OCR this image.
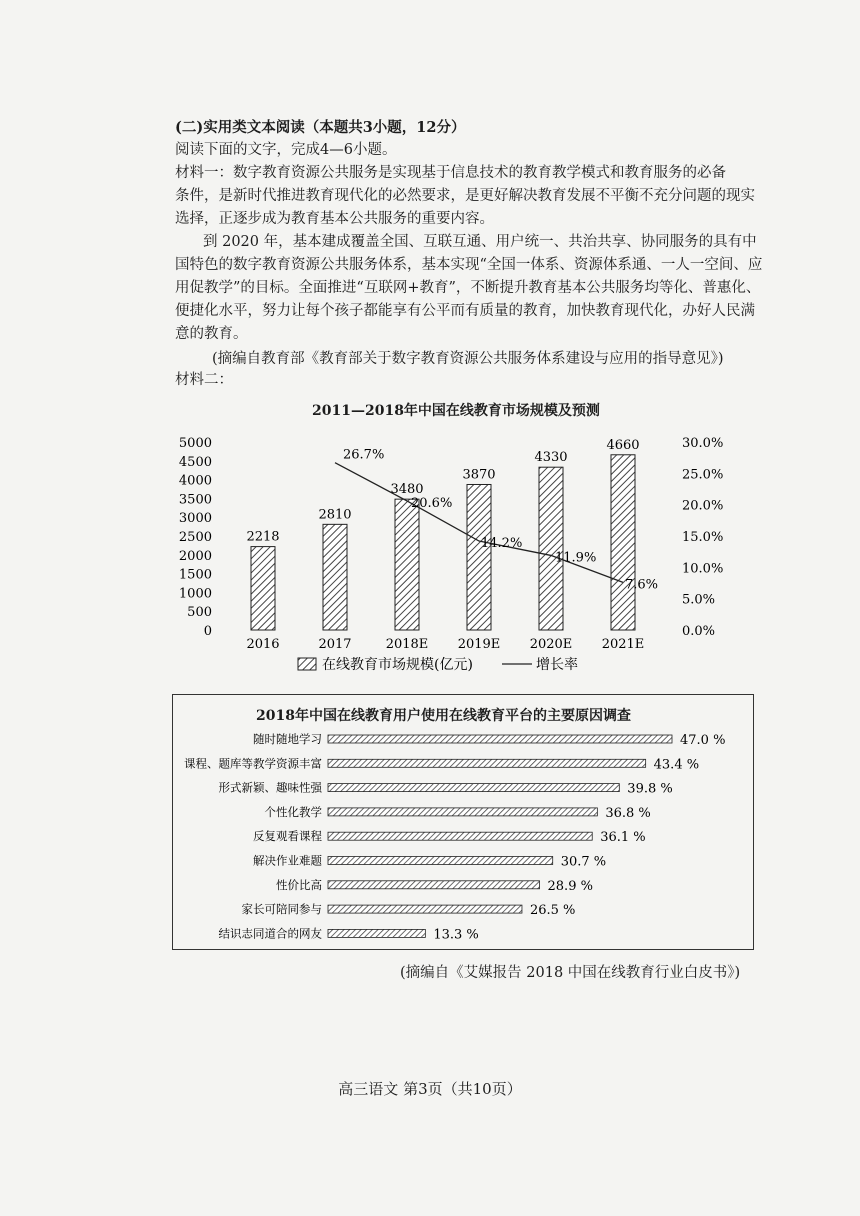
(二)实用类文本阅读（本题共3小题，12分）
阅读下面的文字，完成4—6小题。
材料一：数字教育资源公共服务是实现基于信息技术的教育教学模式和教育服务的必备
条件，是新时代推进教育现代化的必然要求，是更好解决教育发展不平衡不充分问题的现实
选择，正逐步成为教育基本公共服务的重要内容。
到 2020 年，基本建成覆盖全国、互联互通、用户统一、共治共享、协同服务的具有中
国特色的数字教育资源公共服务体系，基本实现“全国一体系、资源体系通、一人一空间、应
用促教学”的目标。全面推进“互联网+教育”，不断提升教育基本公共服务均等化、普惠化、
便捷化水平，努力让每个孩子都能享有公平而有质量的教育，加快教育现代化，办好人民满
意的教育。
(摘编自教育部《教育部关于数字教育资源公共服务体系建设与应用的指导意见》)
材料二：
2011—2018年中国在线教育市场规模及预测
5000
4500
4000
3500
3000
2500
2000
1500
1000
500
0
30.0%
25.0%
20.0%
15.0%
10.0%
5.0%
0.0%
2218
2016
2810
2017
3480
2018E
3870
2019E
4330
2020E
4660
2021E
26.7%
20.6%
14.2%
11.9%
7.6%
在线教育市场规模(亿元)	增长率
2018年中国在线教育用户使用在线教育平台的主要原因调查
随时随地学习	47.0 %
课程、题库等教学资源丰富	43.4 %
形式新颖、趣味性强	39.8 %
个性化教学	36.8 %
反复观看课程	36.1 %
解决作业难题	30.7 %
性价比高	28.9 %
家长可陪同参与	26.5 %
结识志同道合的网友	13.3 %
(摘编自《艾媒报告 2018 中国在线教育行业白皮书》)
高三语文 第3页（共10页）
